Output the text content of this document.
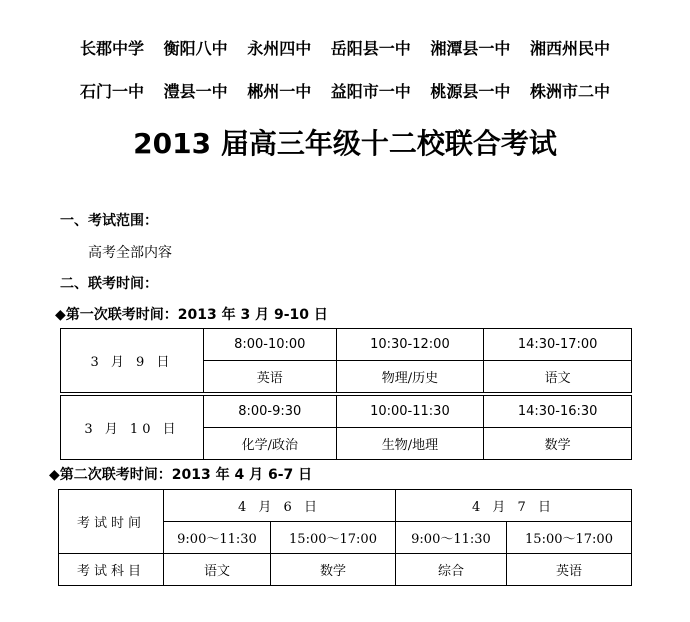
长郡中学 衡阳八中 永州四中 岳阳县一中 湘潭县一中 湘西州民中
石门一中 澧县一中 郴州一中 益阳市一中 桃源县一中 株洲市二中
2013 届高三年级十二校联合考试
一、考试范围：
高考全部内容
二、联考时间：
◆第一次联考时间：2013 年 3 月 9-10 日
3 月 9 日	8:00-10:00	10:30-12:00	14:30-17:00
	英语	物理/历史	语文

3 月 10 日	8:00-9:30	10:00-11:30	14:30-16:30
	化学/政治	生物/地理	数学
◆第二次联考时间：2013 年 4 月 6-7 日
考试时间	4 月 6 日		4 月 7 日	
	9:00～11:30	15:00～17:00	9:00～11:30	15:00～17:00
考试科目	语文	数学	综合	英语
